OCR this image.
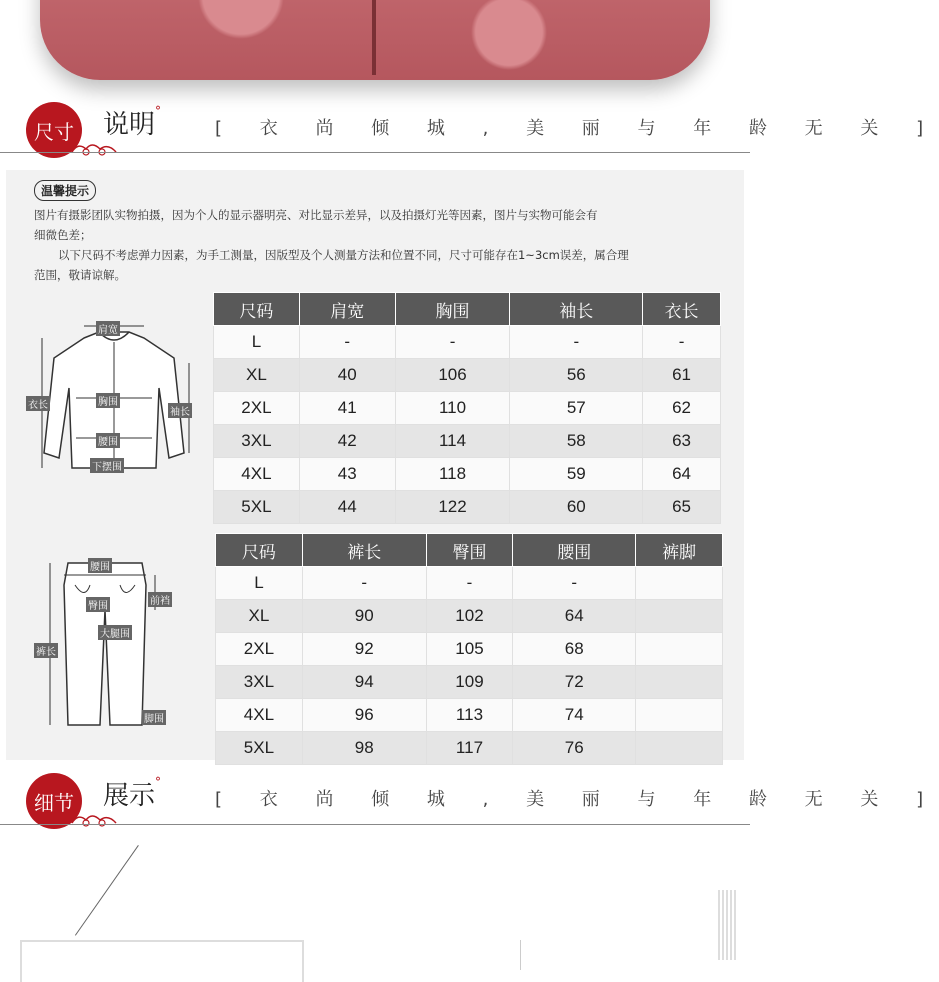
尺寸	说明°
[ 衣 尚 倾 城 , 美 丽 与 年 龄 无 关 ]
温馨提示
图片有摄影团队实物拍摄，因为个人的显示器明亮、对比显示差异，以及拍摄灯光等因素，图片与实物可能会有
细微色差；
以下尺码不考虑弹力因素，为手工测量，因版型及个人测量方法和位置不同，尺寸可能存在1~3cm误差，属合理
范围，敬请谅解。
肩宽
衣长	胸围
袖长
腰围
下摆围
尺码	肩宽	胸围	袖长	衣长
L	-	-	-	-
XL	40	106	56	61
2XL	41	110	57	62
3XL	42	114	58	63
4XL	43	118	59	64
5XL	44	122	60	65
腰围
臀围	前裆
大腿围
裤长
脚围
尺码	裤长	臀围	腰围	裤脚
L	-	-	-	
XL	90	102	64	
2XL	92	105	68	
3XL	94	109	72	
4XL	96	113	74	
5XL	98	117	76	
细节	展示°
[ 衣 尚 倾 城 , 美 丽 与 年 龄 无 关 ]
